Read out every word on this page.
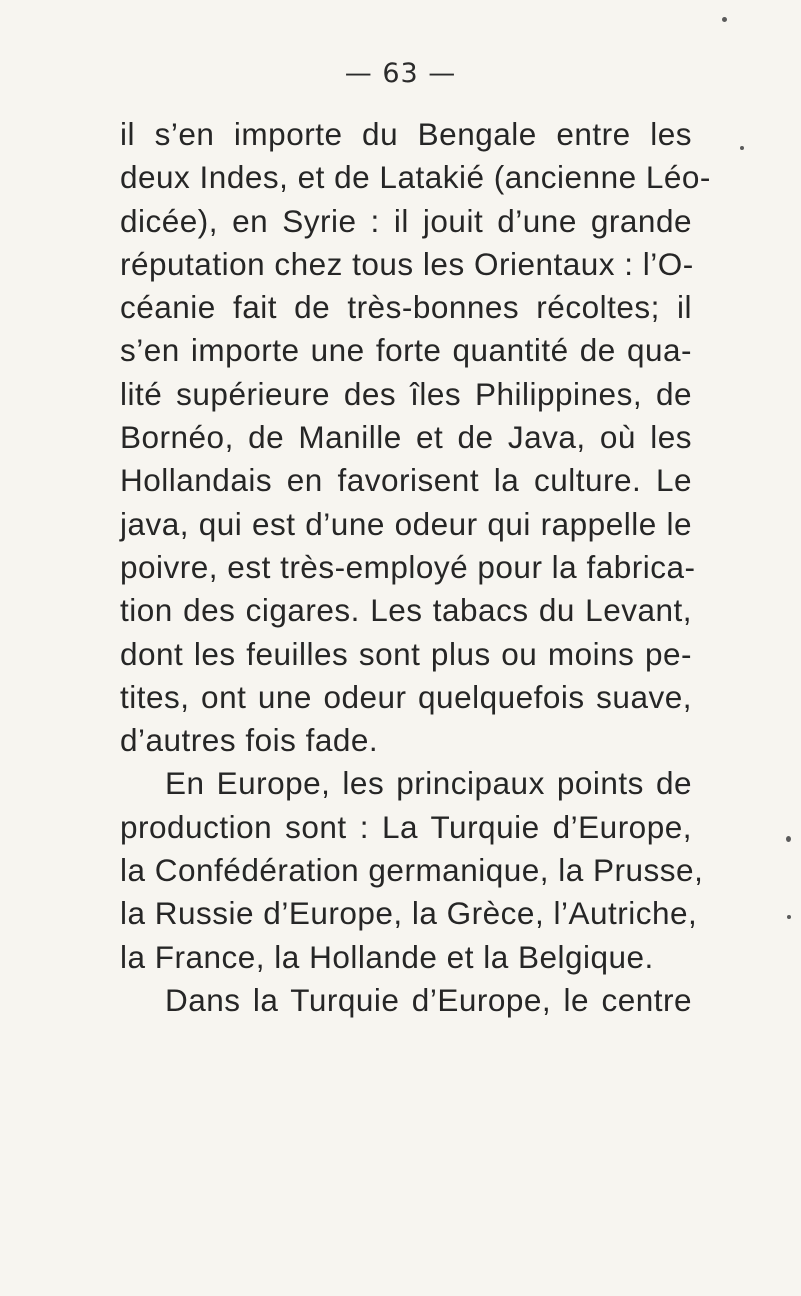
— 63 —
il s’en importe du Bengale entre les
deux Indes, et de Latakié (ancienne Léo-
dicée), en Syrie : il jouit d’une grande
réputation chez tous les Orientaux : l’O-
céanie fait de très-bonnes récoltes; il
s’en importe une forte quantité de qua-
lité supérieure des îles Philippines, de
Bornéo, de Manille et de Java, où les
Hollandais en favorisent la culture. Le
java, qui est d’une odeur qui rappelle le
poivre, est très-employé pour la fabrica-
tion des cigares. Les tabacs du Levant,
dont les feuilles sont plus ou moins pe-
tites, ont une odeur quelquefois suave,
d’autres fois fade.
En Europe, les principaux points de
production sont : La Turquie d’Europe,
la Confédération germanique, la Prusse,
la Russie d’Europe, la Grèce, l’Autriche,
la France, la Hollande et la Belgique.
Dans la Turquie d’Europe, le centre
